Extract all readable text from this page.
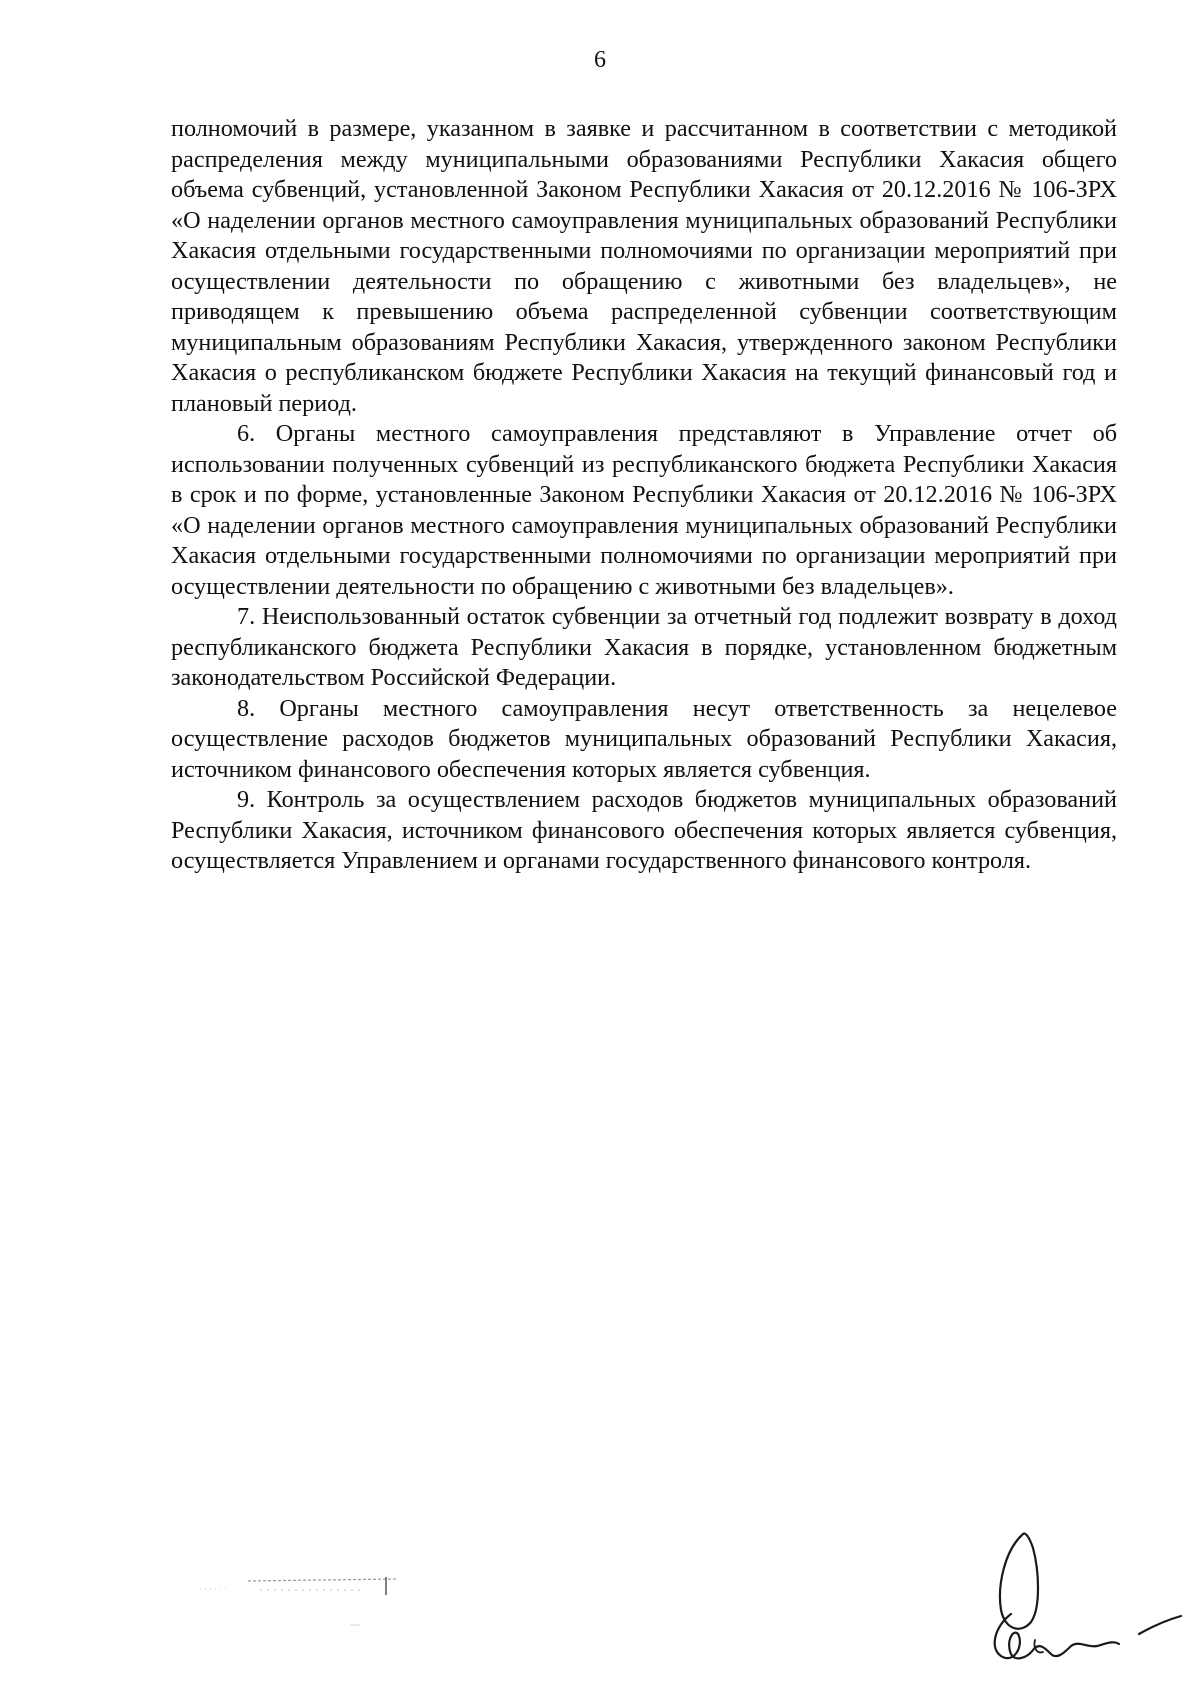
6

полномочий в размере, указанном в заявке и рассчитанном в соответствии с методикой распределения между муниципальными образованиями Республики Хакасия общего объема субвенций, установленной Законом Республики Хакасия от 20.12.2016 № 106-ЗРХ «О наделении органов местного самоуправления муниципальных образований Республики Хакасия отдельными государственными полномочиями по организации мероприятий при осуществлении деятельности по обращению с животными без владельцев», не приводящем к превышению объема распределенной субвенции соответствующим муниципальным образованиям Республики Хакасия, утвержденного законом Республики Хакасия о республиканском бюджете Республики Хакасия на текущий финансовый год и плановый период.

6. Органы местного самоуправления представляют в Управление отчет об использовании полученных субвенций из республиканского бюджета Республики Хакасия в срок и по форме, установленные Законом Республики Хакасия от 20.12.2016 № 106-ЗРХ «О наделении органов местного самоуправления муниципальных образований Республики Хакасия отдельными государственными полномочиями по организации мероприятий при осуществлении деятельности по обращению с животными без владельцев».

7. Неиспользованный остаток субвенции за отчетный год подлежит возврату в доход республиканского бюджета Республики Хакасия в порядке, установленном бюджетным законодательством Российской Федерации.

8. Органы местного самоуправления несут ответственность за нецелевое осуществление расходов бюджетов муниципальных образований Республики Хакасия, источником финансового обеспечения которых является субвенция.

9. Контроль за осуществлением расходов бюджетов муниципальных образований Республики Хакасия, источником финансового обеспечения которых является субвенция, осуществляется Управлением и органами государственного финансового контроля.
